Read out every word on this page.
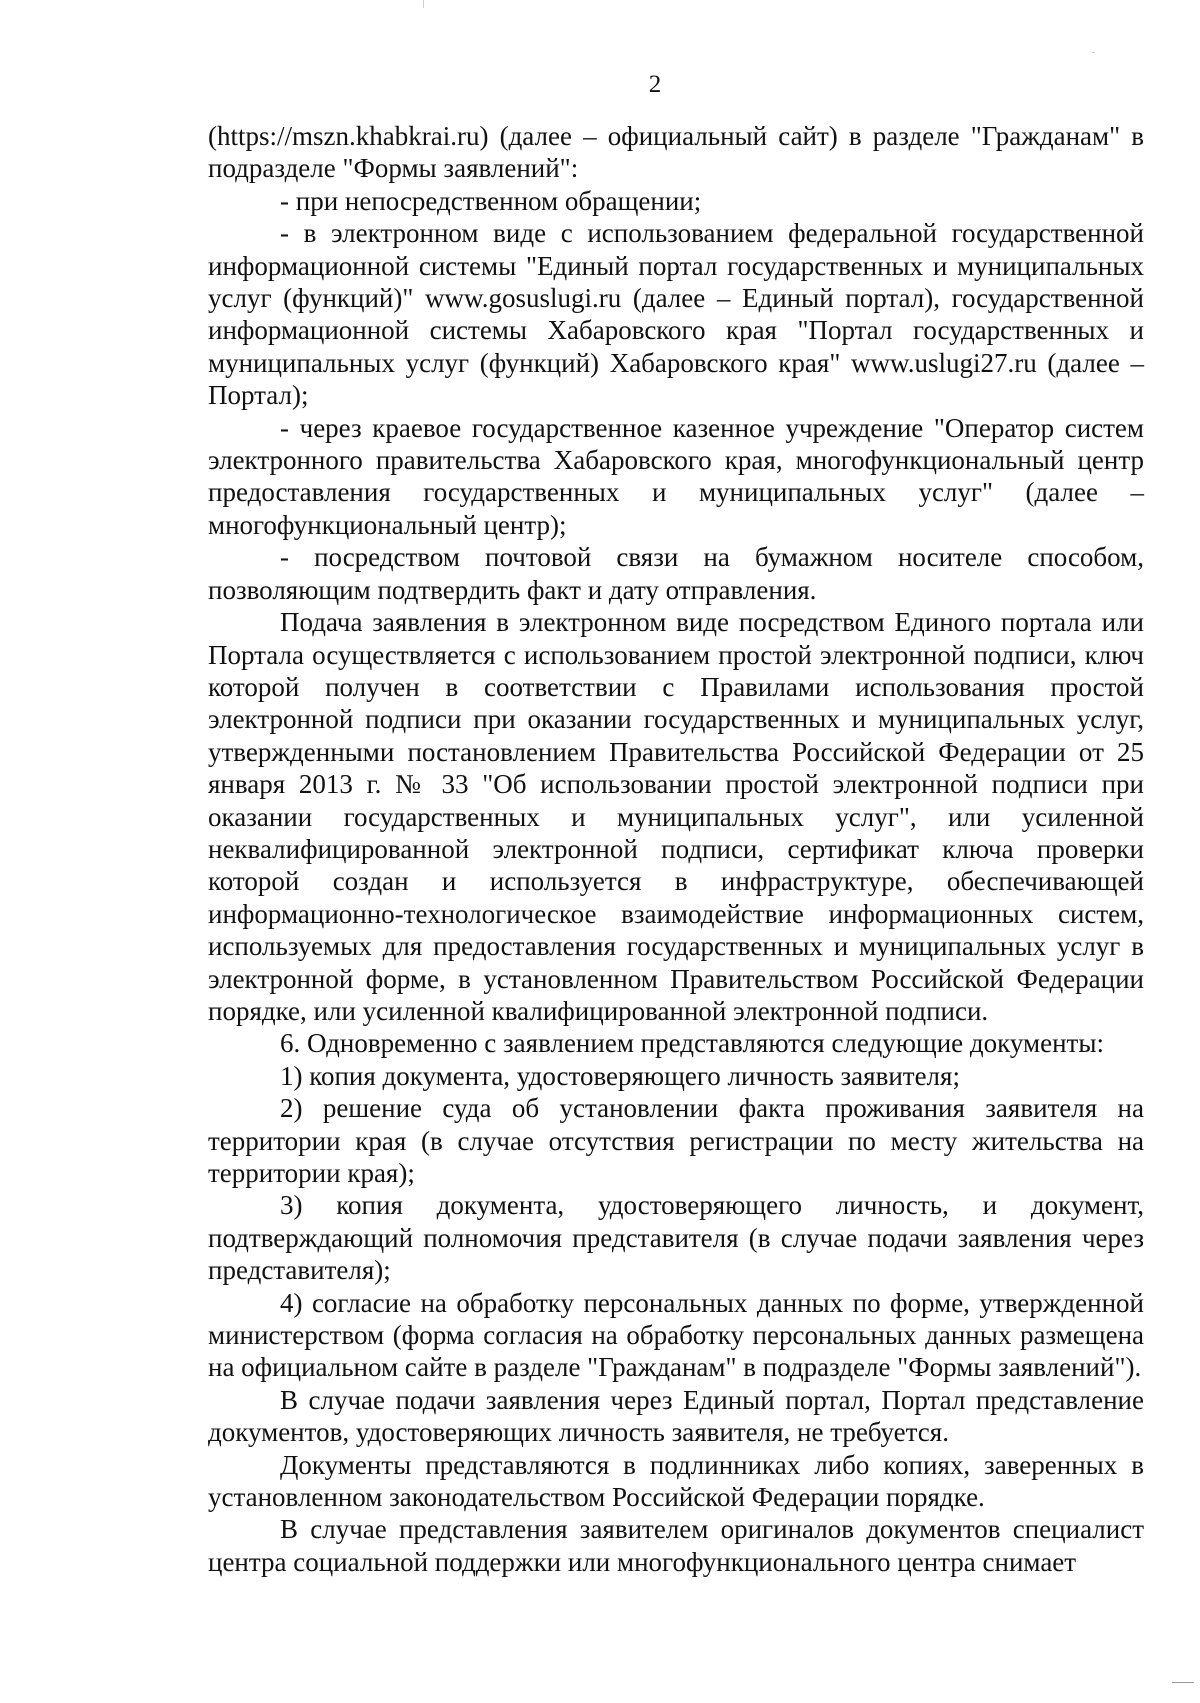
2

(https://mszn.khabkrai.ru) (далее – официальный сайт) в разделе "Гражданам" в подразделе "Формы заявлений":

- при непосредственном обращении;

- в электронном виде с использованием федеральной государственной информационной системы "Единый портал государственных и муниципальных услуг (функций)" www.gosuslugi.ru (далее – Единый портал), государственной информационной системы Хабаровского края "Портал государственных и муниципальных услуг (функций) Хабаровского края" www.uslugi27.ru (далее – Портал);

- через краевое государственное казенное учреждение "Оператор систем электронного правительства Хабаровского края, многофункциональный центр предоставления государственных и муниципальных услуг" (далее – многофункциональный центр);

- посредством почтовой связи на бумажном носителе способом, позволяющим подтвердить факт и дату отправления.

Подача заявления в электронном виде посредством Единого портала или Портала осуществляется с использованием простой электронной подписи, ключ которой получен в соответствии с Правилами использования простой электронной подписи при оказании государственных и муниципальных услуг, утвержденными постановлением Правительства Российской Федерации от 25 января 2013 г. № 33 "Об использовании простой электронной подписи при оказании государственных и муниципальных услуг", или усиленной неквалифицированной электронной подписи, сертификат ключа проверки которой создан и используется в инфраструктуре, обеспечивающей информационно-технологическое взаимодействие информационных систем, используемых для предоставления государственных и муниципальных услуг в электронной форме, в установленном Правительством Российской Федерации порядке, или усиленной квалифицированной электронной подписи.

6. Одновременно с заявлением представляются следующие документы:

1) копия документа, удостоверяющего личность заявителя;

2) решение суда об установлении факта проживания заявителя на территории края (в случае отсутствия регистрации по месту жительства на территории края);

3) копия документа, удостоверяющего личность, и документ, подтверждающий полномочия представителя (в случае подачи заявления через представителя);

4) согласие на обработку персональных данных по форме, утвержденной министерством (форма согласия на обработку персональных данных размещена на официальном сайте в разделе "Гражданам" в подразделе "Формы заявлений").

В случае подачи заявления через Единый портал, Портал представление документов, удостоверяющих личность заявителя, не требуется.

Документы представляются в подлинниках либо копиях, заверенных в установленном законодательством Российской Федерации порядке.

В случае представления заявителем оригиналов документов специалист центра социальной поддержки или многофункционального центра снимает
